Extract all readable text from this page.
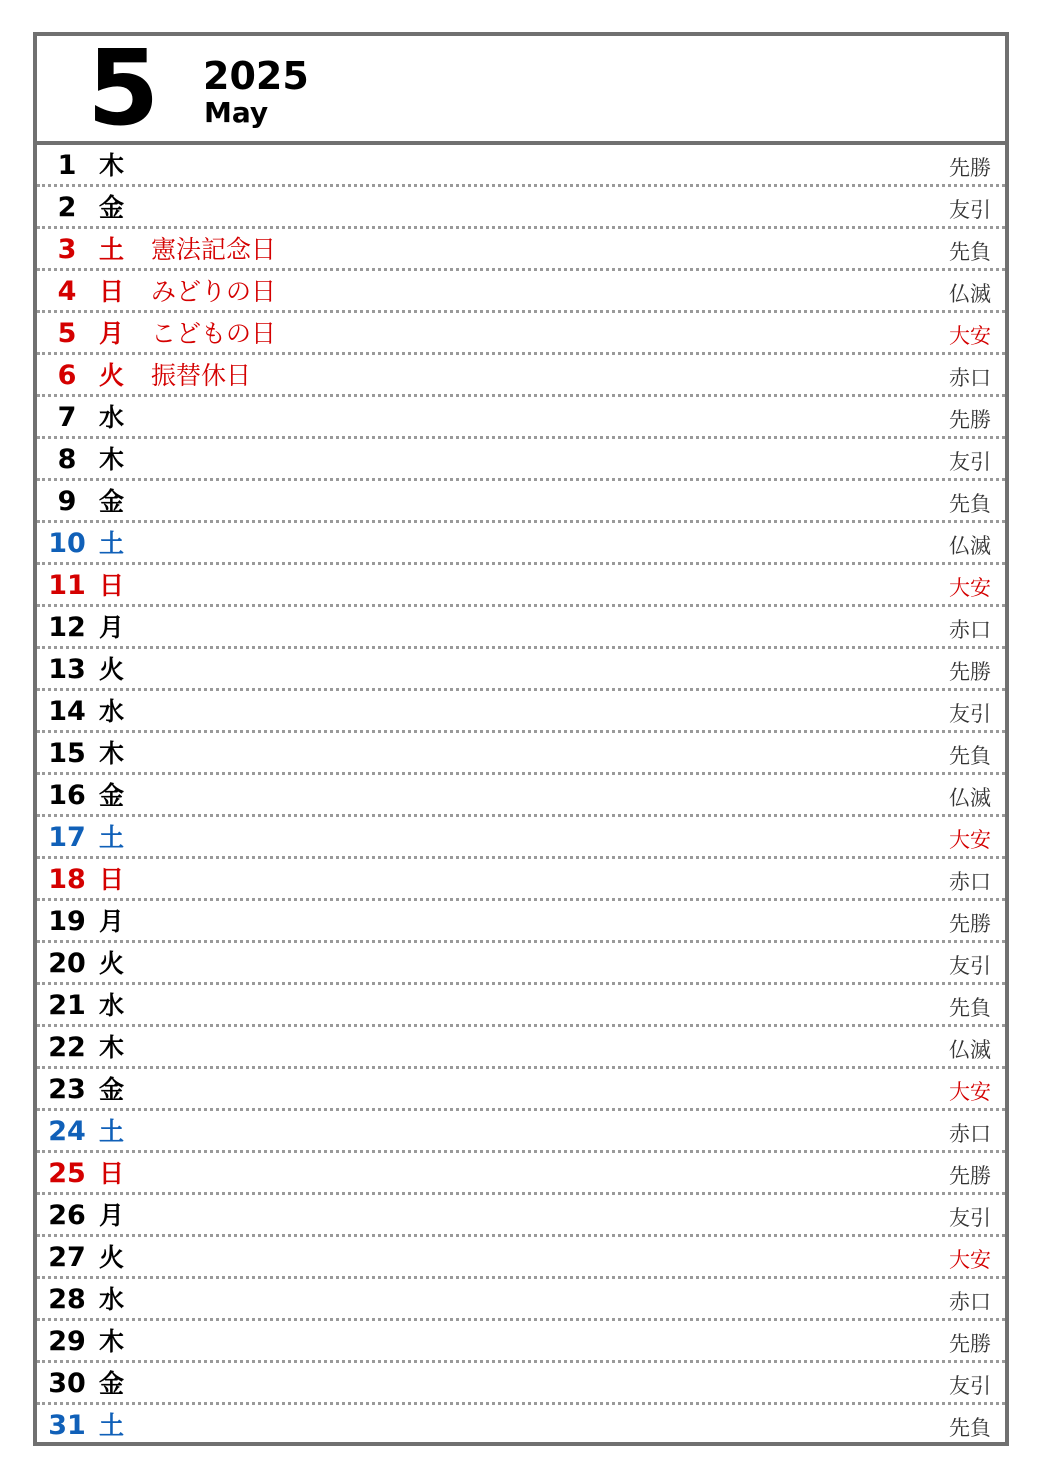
5 2025
May
1 木	先勝
2 金	友引
3 土 憲法記念日	先負
4 日 みどりの日	仏滅
5 月 こどもの日	大安
6 火 振替休日	赤口
7 水	先勝
8 木	友引
9 金	先負
10 土	仏滅
11 日	大安
12 月	赤口
13 火	先勝
14 水	友引
15 木	先負
16 金	仏滅
17 土	大安
18 日	赤口
19 月	先勝
20 火	友引
21 水	先負
22 木	仏滅
23 金	大安
24 土	赤口
25 日	先勝
26 月	友引
27 火	大安
28 水	赤口
29 木	先勝
30 金	友引
31 土	先負
